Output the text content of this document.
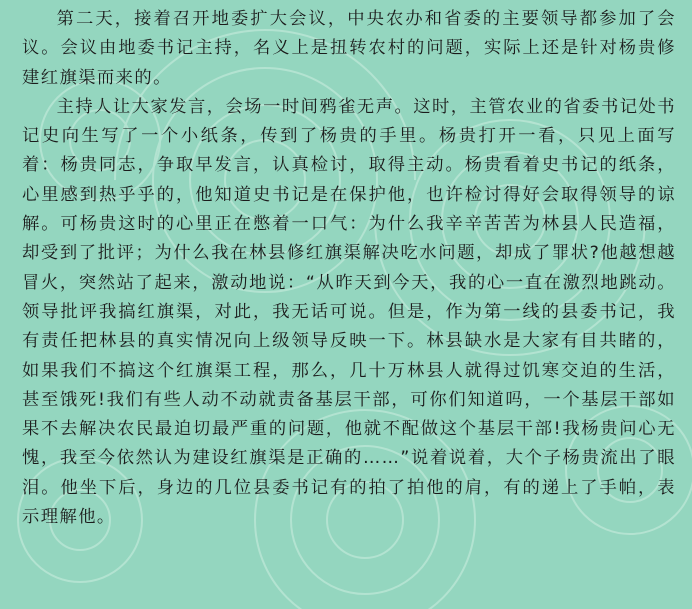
第二天，接着召开地委扩大会议，中央农办和省委的主要领导都参加了会议。会议由地委书记主持，名义上是扭转农村的问题，实际上还是针对杨贵修建红旗渠而来的。

主持人让大家发言，会场一时间鸦雀无声。这时，主管农业的省委书记处书记史向生写了一个小纸条，传到了杨贵的手里。杨贵打开一看，只见上面写着：杨贵同志，争取早发言，认真检讨，取得主动。杨贵看着史书记的纸条，心里感到热乎乎的，他知道史书记是在保护他，也许检讨得好会取得领导的谅解。可杨贵这时的心里正在憋着一口气：为什么我辛辛苦苦为林县人民造福，却受到了批评；为什么我在林县修红旗渠解决吃水问题，却成了罪状?他越想越冒火，突然站了起来，激动地说：“从昨天到今天，我的心一直在激烈地跳动。领导批评我搞红旗渠，对此，我无话可说。但是，作为第一线的县委书记，我有责任把林县的真实情况向上级领导反映一下。林县缺水是大家有目共睹的，如果我们不搞这个红旗渠工程，那么，几十万林县人就得过饥寒交迫的生活，甚至饿死!我们有些人动不动就责备基层干部，可你们知道吗，一个基层干部如果不去解决农民最迫切最严重的问题，他就不配做这个基层干部!我杨贵问心无愧，我至今依然认为建设红旗渠是正确的……”说着说着，大个子杨贵流出了眼泪。他坐下后，身边的几位县委书记有的拍了拍他的肩，有的递上了手帕，表示理解他。
